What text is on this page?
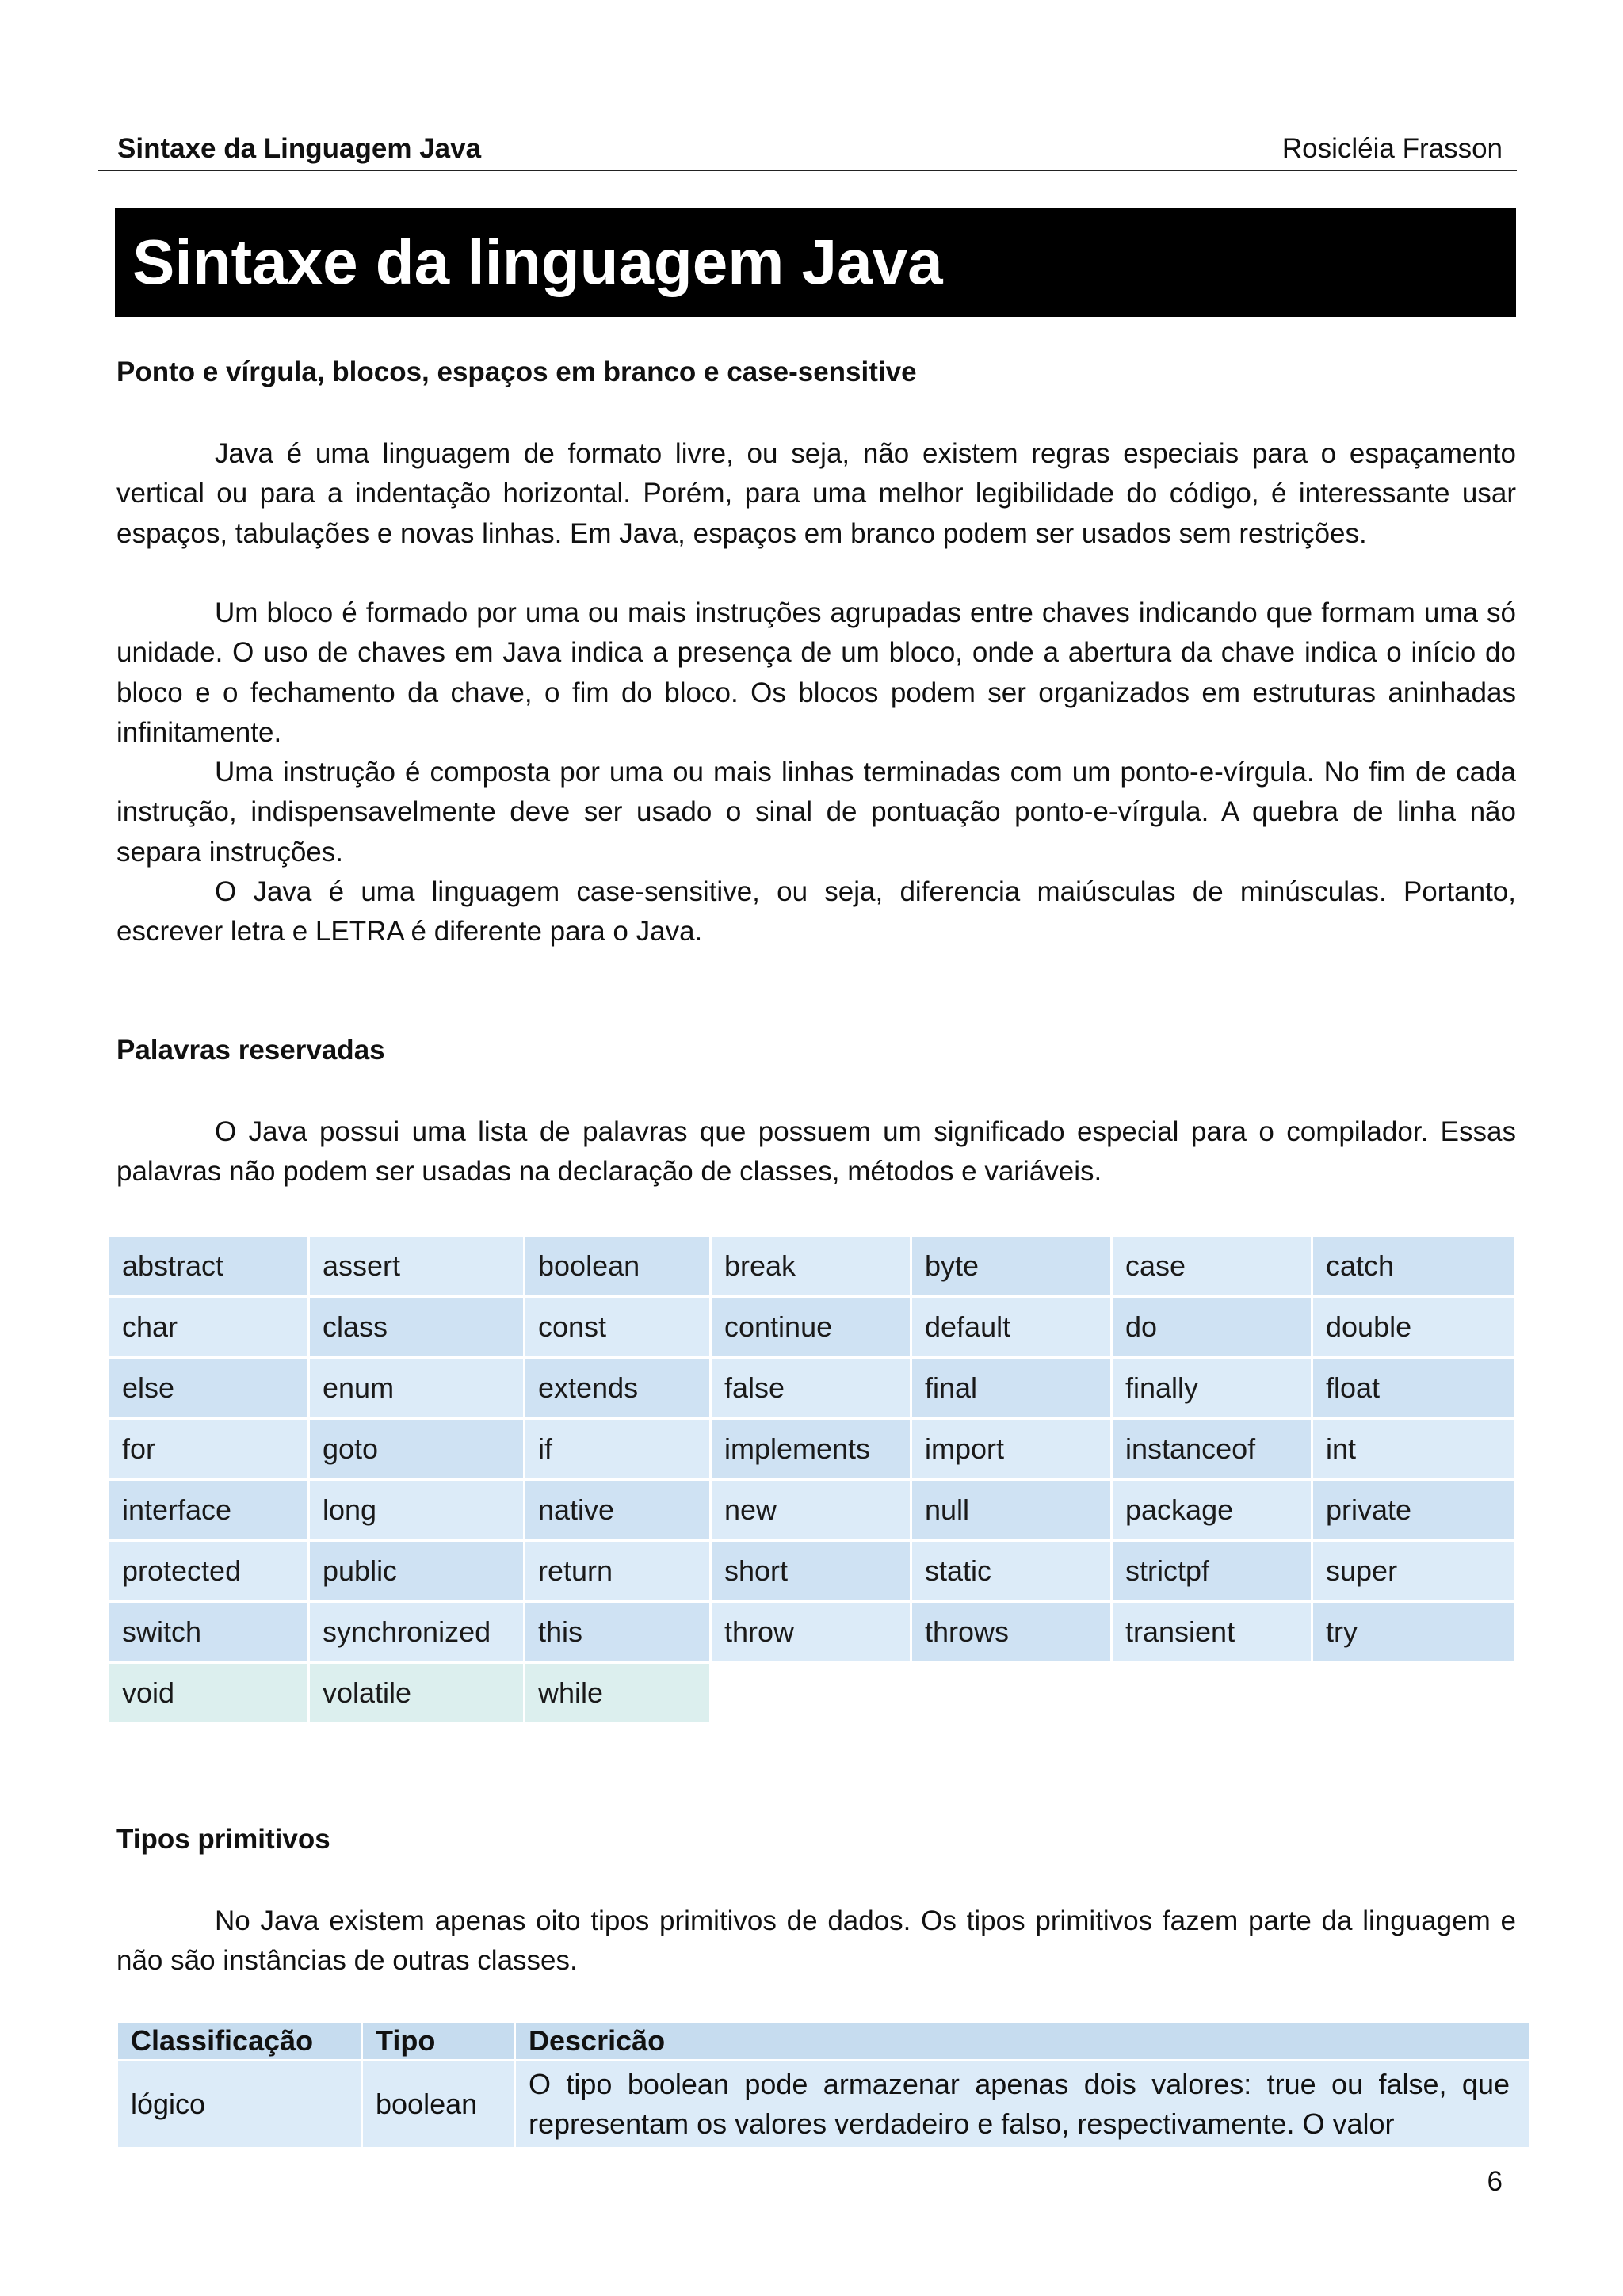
Sintaxe da Linguagem Java	Rosicléia Frasson
Sintaxe da linguagem Java
Ponto e vírgula, blocos, espaços em branco e case-sensitive
Java é uma linguagem de formato livre, ou seja, não existem regras especiais para o espaçamento vertical ou para a indentação horizontal. Porém, para uma melhor legibilidade do código, é interessante usar espaços, tabulações e novas linhas. Em Java, espaços em branco podem ser usados sem restrições.
Um bloco é formado por uma ou mais instruções agrupadas entre chaves indicando que formam uma só unidade. O uso de chaves em Java indica a presença de um bloco, onde a abertura da chave indica o início do bloco e o fechamento da chave, o fim do bloco. Os blocos podem ser organizados em estruturas aninhadas infinitamente.
Uma instrução é composta por uma ou mais linhas terminadas com um ponto-e-vírgula. No fim de cada instrução, indispensavelmente deve ser usado o sinal de pontuação ponto-e-vírgula. A quebra de linha não separa instruções.
O Java é uma linguagem case-sensitive, ou seja, diferencia maiúsculas de minúsculas. Portanto, escrever letra e LETRA é diferente para o Java.
Palavras reservadas
O Java possui uma lista de palavras que possuem um significado especial para o compilador. Essas palavras não podem ser usadas na declaração de classes, métodos e variáveis.
abstract	assert	boolean	break	byte	case	catch
char	class	const	continue	default	do	double
else	enum	extends	false	final	finally	float
for	goto	if	implements	import	instanceof	int
interface	long	native	new	null	package	private
protected	public	return	short	static	strictpf	super
switch	synchronized	this	throw	throws	transient	try
void	volatile	while				
Tipos primitivos
No Java existem apenas oito tipos primitivos de dados. Os tipos primitivos fazem parte da linguagem e não são instâncias de outras classes.
Classificação	Tipo	Descricão
lógico	boolean	O tipo boolean pode armazenar apenas dois valores: true ou false, que representam os valores verdadeiro e falso, respectivamente. O valor
6
